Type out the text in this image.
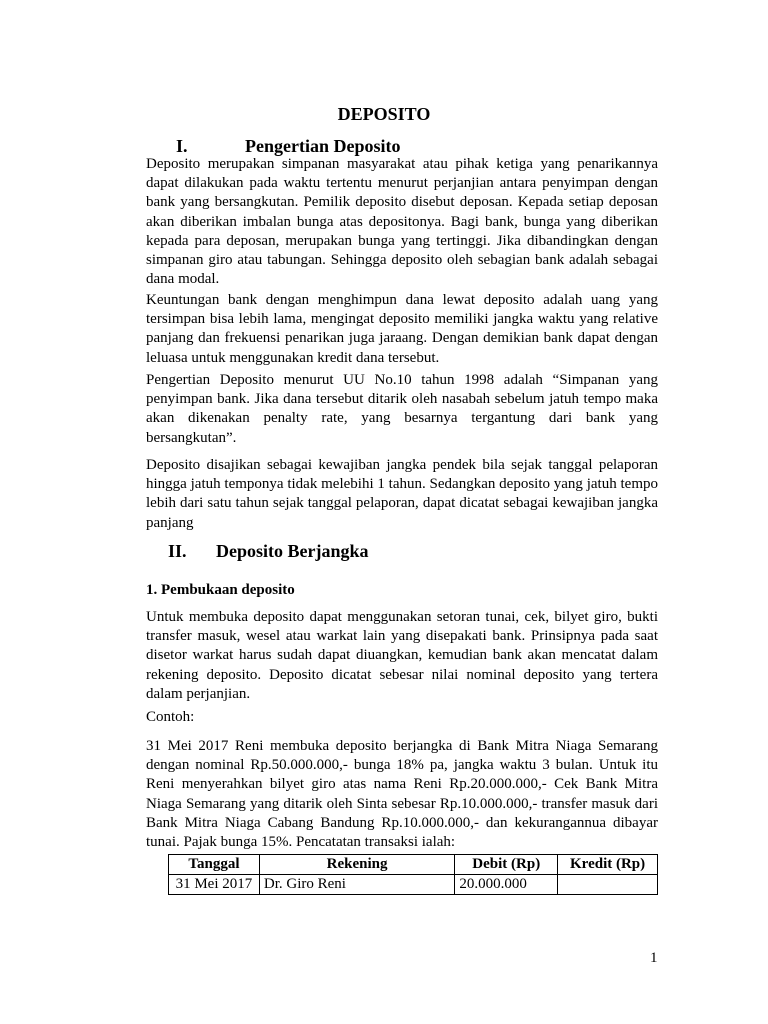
DEPOSITO
I.	Pengertian Deposito

Deposito merupakan simpanan masyarakat atau pihak ketiga yang penarikannya dapat dilakukan pada waktu tertentu menurut perjanjian antara penyimpan dengan bank yang bersangkutan. Pemilik deposito disebut deposan. Kepada setiap deposan akan diberikan imbalan bunga atas depositonya. Bagi bank, bunga yang diberikan kepada para deposan, merupakan bunga yang tertinggi. Jika dibandingkan dengan simpanan giro atau tabungan. Sehingga deposito oleh sebagian bank adalah sebagai dana modal.

Keuntungan bank dengan menghimpun dana lewat deposito adalah uang yang tersimpan bisa lebih lama, mengingat deposito memiliki jangka waktu yang relative panjang dan frekuensi penarikan juga jaraang. Dengan demikian bank dapat dengan leluasa untuk menggunakan kredit dana tersebut.

Pengertian Deposito menurut UU No.10 tahun 1998 adalah “Simpanan yang penyimpan bank. Jika dana tersebut ditarik oleh nasabah sebelum jatuh tempo maka akan dikenakan penalty rate, yang besarnya tergantung dari bank yang bersangkutan”.

Deposito disajikan sebagai kewajiban jangka pendek bila sejak tanggal pelaporan hingga jatuh temponya tidak melebihi 1 tahun. Sedangkan deposito yang jatuh tempo lebih dari satu tahun sejak tanggal pelaporan, dapat dicatat sebagai kewajiban jangka panjang

II. Deposito Berjangka
1. Pembukaan deposito

Untuk membuka deposito dapat menggunakan setoran tunai, cek, bilyet giro, bukti transfer masuk, wesel atau warkat lain yang disepakati bank. Prinsipnya pada saat disetor warkat harus sudah dapat diuangkan, kemudian bank akan mencatat dalam rekening deposito. Deposito dicatat sebesar nilai nominal deposito yang tertera dalam perjanjian.

Contoh:

31 Mei 2017 Reni membuka deposito berjangka di Bank Mitra Niaga Semarang dengan nominal Rp.50.000.000,- bunga 18% pa, jangka waktu 3 bulan. Untuk itu Reni menyerahkan bilyet giro atas nama Reni Rp.20.000.000,- Cek Bank Mitra Niaga Semarang yang ditarik oleh Sinta sebesar Rp.10.000.000,- transfer masuk dari Bank Mitra Niaga Cabang Bandung Rp.10.000.000,- dan kekurangannua dibayar tunai. Pajak bunga 15%. Pencatatan transaksi ialah:

Tanggal	Rekening	Debit (Rp)	Kredit (Rp)
31 Mei 2017	Dr. Giro Reni	20.000.000	
1
